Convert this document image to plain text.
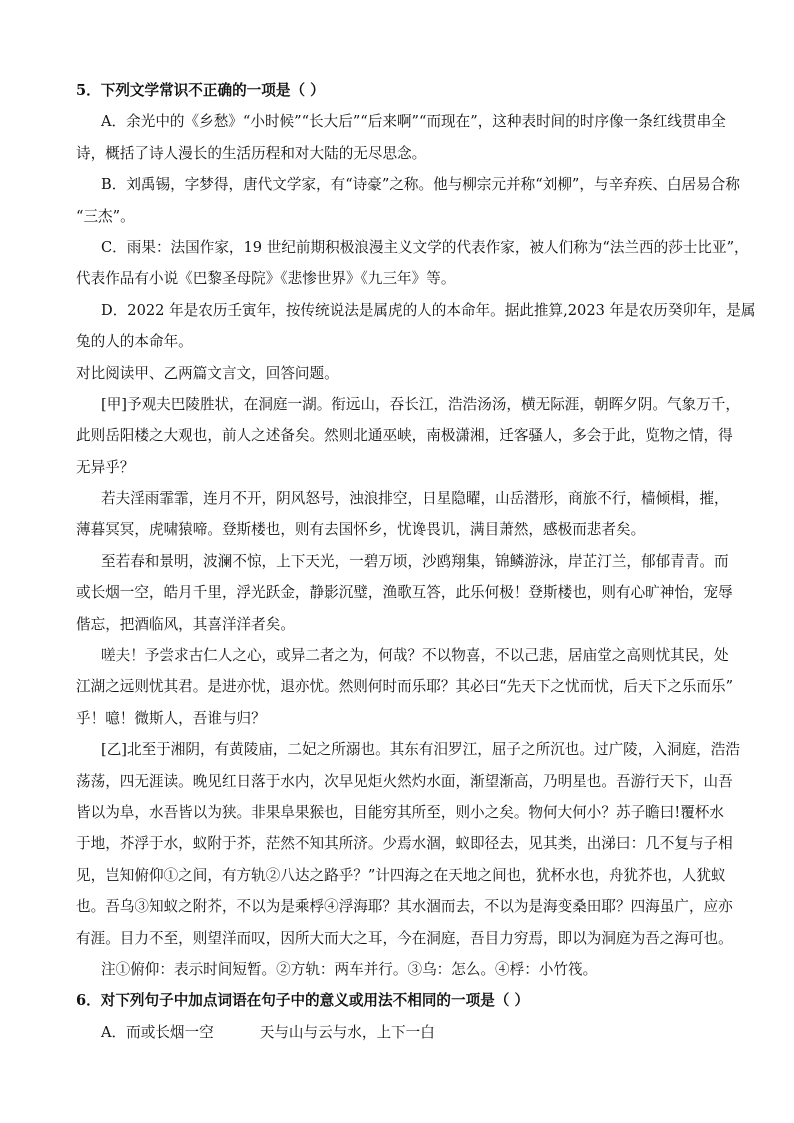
5．下列文学常识不正确的一项是（ ）
A．余光中的《乡愁》“小时候”“长大后”“后来啊”“而现在”，这种表时间的时序像一条红线贯串全
诗，概括了诗人漫长的生活历程和对大陆的无尽思念。
B．刘禹锡，字梦得，唐代文学家，有“诗豪”之称。他与柳宗元并称“刘柳”，与辛弃疾、白居易合称
“三杰”。
C．雨果：法国作家，19 世纪前期积极浪漫主义文学的代表作家，被人们称为“法兰西的莎士比亚”，
代表作品有小说《巴黎圣母院》《悲惨世界》《九三年》等。
D．2022 年是农历壬寅年，按传统说法是属虎的人的本命年。据此推算,2023 年是农历癸卯年，是属
兔的人的本命年。
对比阅读甲、乙两篇文言文，回答问题。
[甲]予观夫巴陵胜状，在洞庭一湖。衔远山，吞长江，浩浩汤汤，横无际涯，朝晖夕阴。气象万千，
此则岳阳楼之大观也，前人之述备矣。然则北通巫峡，南极潇湘，迁客骚人，多会于此，览物之情，得
无异乎？
若夫淫雨霏霏，连月不开，阴风怒号，浊浪排空，日星隐曜，山岳潜形，商旅不行，樯倾楫，摧，
薄暮冥冥，虎啸猿啼。登斯楼也，则有去国怀乡，忧谗畏讥，满目萧然，感极而悲者矣。
至若春和景明，波澜不惊，上下天光，一碧万顷，沙鸥翔集，锦鳞游泳，岸芷汀兰，郁郁青青。而
或长烟一空，皓月千里，浮光跃金，静影沉璧，渔歌互答，此乐何极！登斯楼也，则有心旷神怡，宠辱
偕忘，把酒临风，其喜洋洋者矣。
嗟夫！予尝求古仁人之心，或异二者之为，何哉？不以物喜，不以己悲，居庙堂之高则忧其民，处
江湖之远则忧其君。是进亦忧，退亦忧。然则何时而乐耶？其必曰“先天下之忧而忧，后天下之乐而乐”
乎！噫！微斯人，吾谁与归？
[乙]北至于湘阴，有黄陵庙，二妃之所溺也。其东有汨罗江，屈子之所沉也。过广陵，入洞庭，浩浩
荡荡，四无涯读。晚见红日落于水内，次早见炬火然灼水面，渐望渐高，乃明星也。吾游行天下，山吾
皆以为阜，水吾皆以为狭。非果阜果猴也，目能穷其所至，则小之矣。物何大何小？苏子瞻曰!覆杯水
于地，芥浮于水，蚁附于芥，茫然不知其所济。少焉水涸，蚁即径去，见其类，出涕曰：几不复与子相
见，岂知俯仰①之间，有方轨②八达之路乎？”计四海之在天地之间也，犹杯水也，舟犹芥也，人犹蚁
也。吾乌③知蚁之附芥，不以为是乘桴④浮海耶？其水涸而去，不以为是海变桑田耶？四海虽广，应亦
有涯。目力不至，则望洋而叹，因所大而大之耳，今在洞庭，吾目力穷焉，即以为洞庭为吾之海可也。
注①俯仰：表示时间短暂。②方轨：两车并行。③乌：怎么。④桴：小竹筏。
6．对下列句子中加点词语在句子中的意义或用法不相同的一项是（ ）
A．而或长烟一空	天与山与云与水，上下一白
